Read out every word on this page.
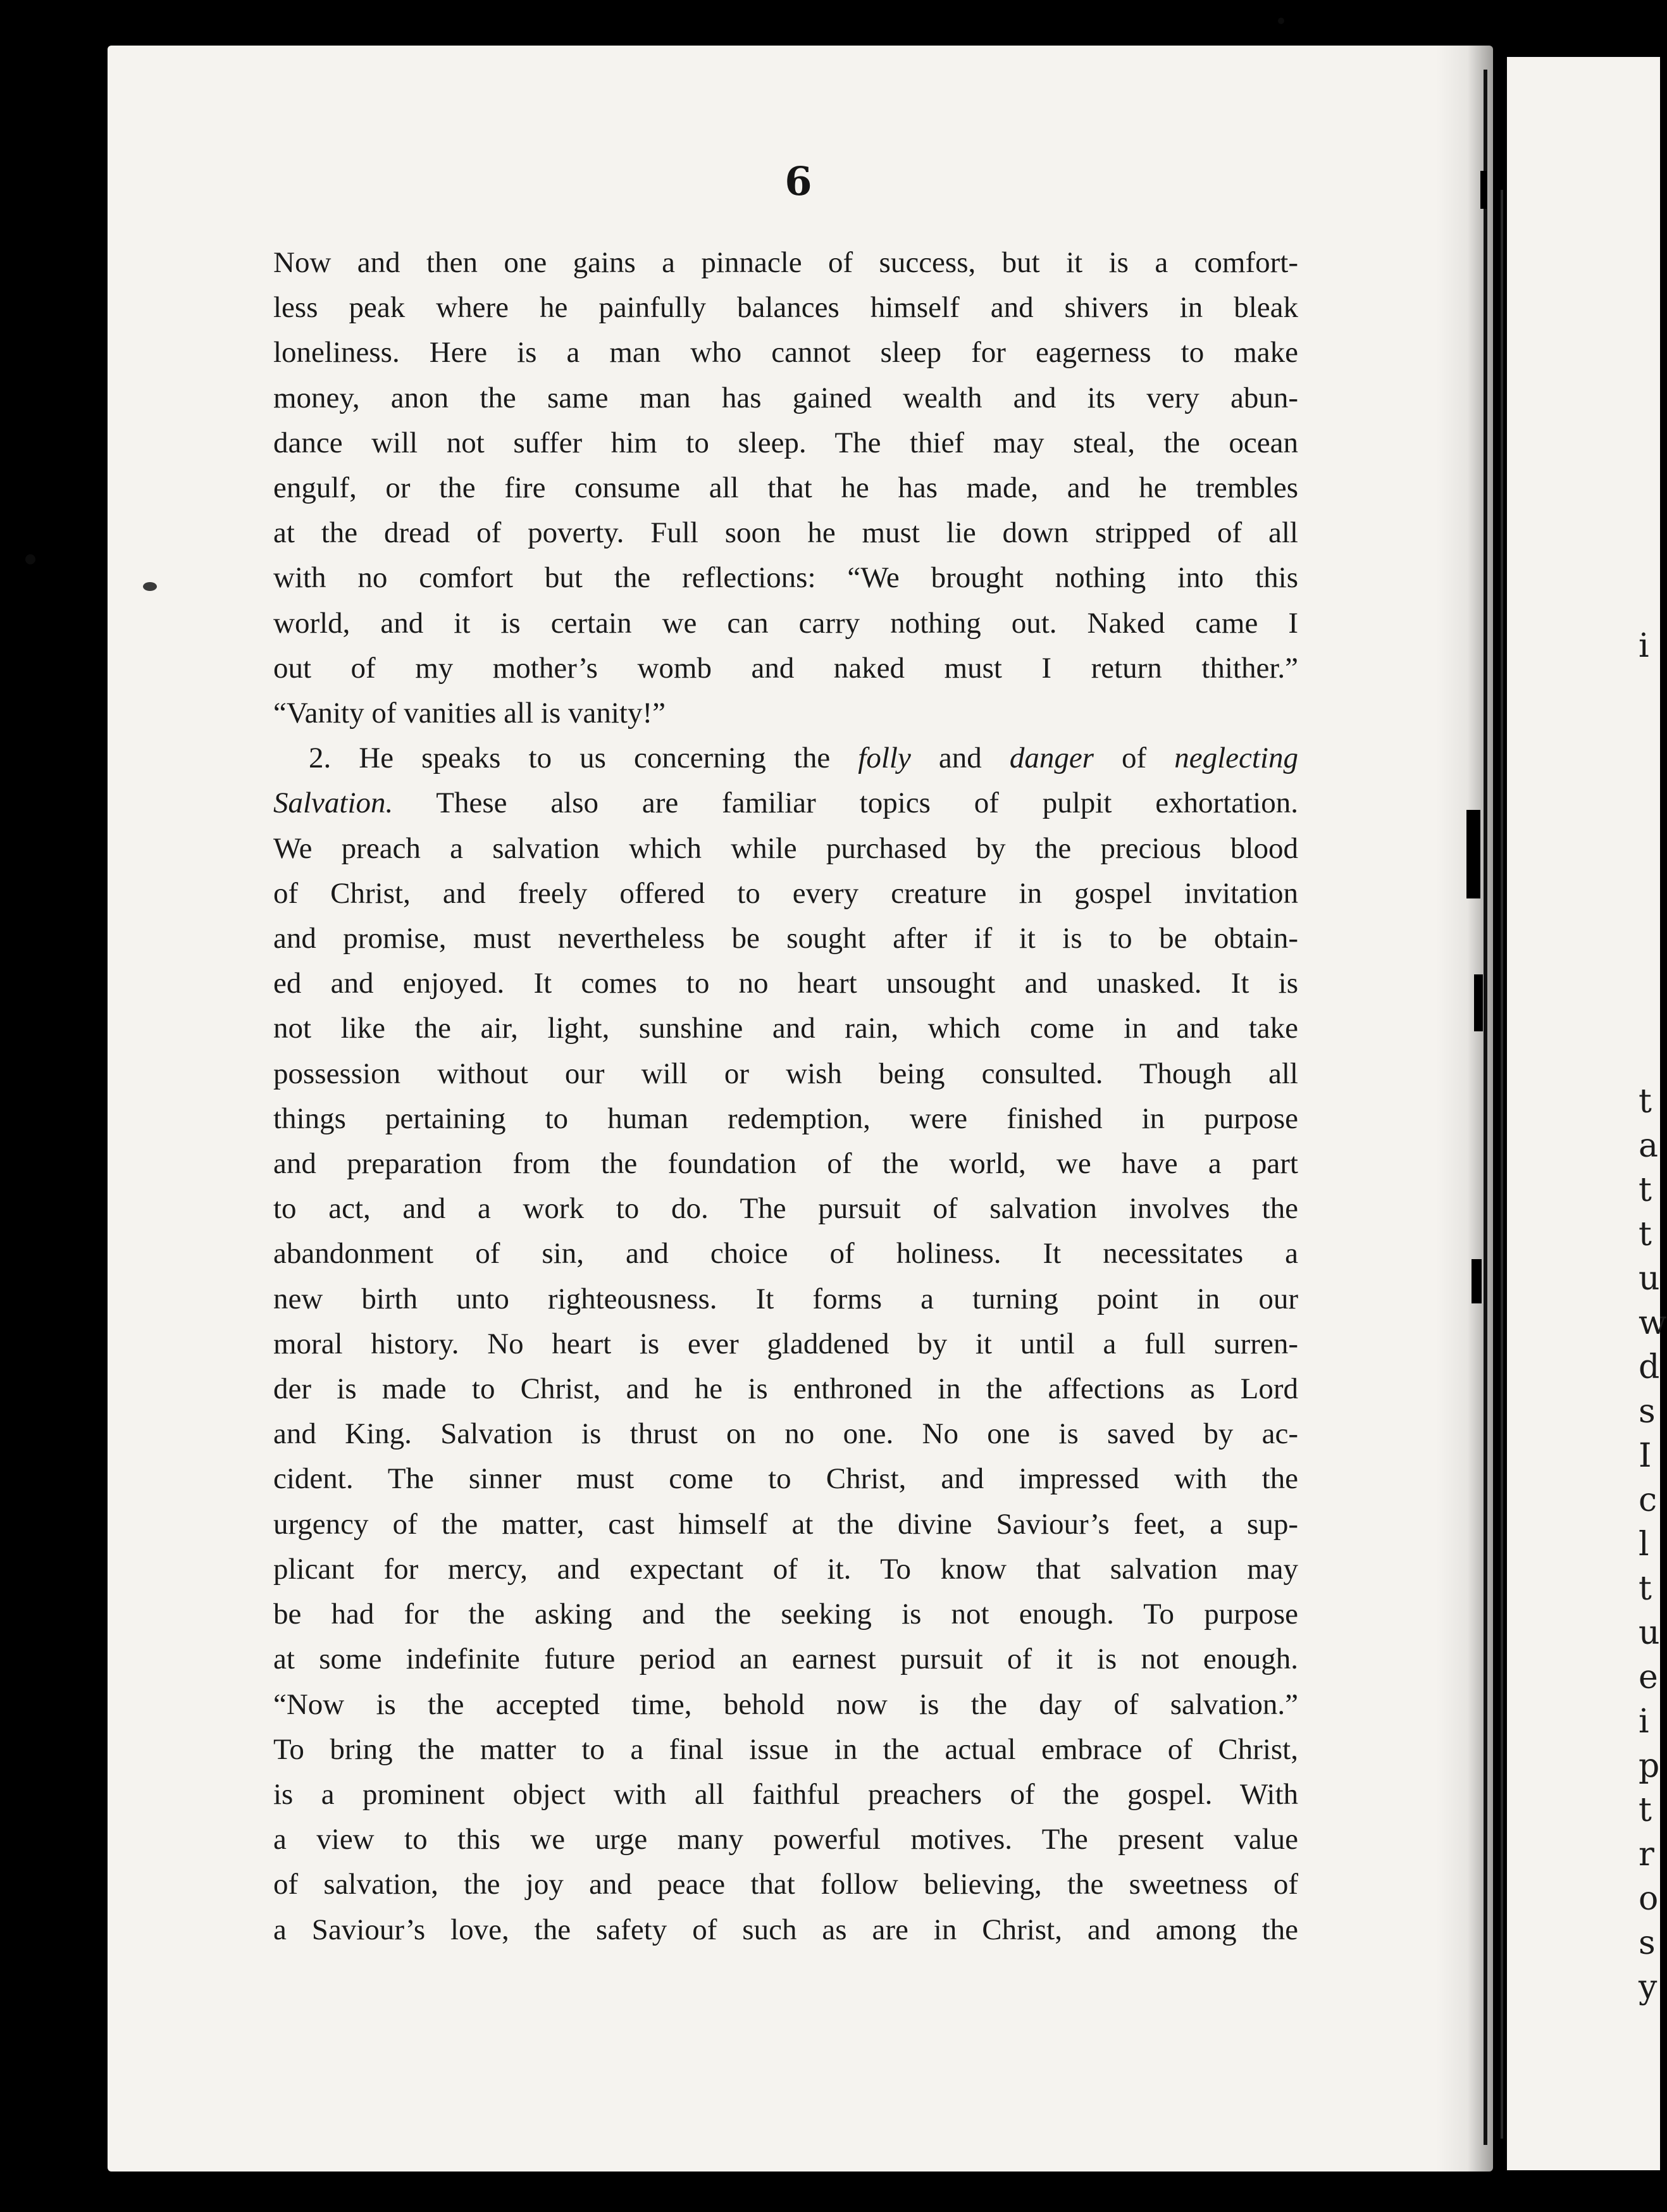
i
t
a
t
t
u
w
d
s
I
c
l
t
u
e
i
p
t
r
o
s
y
6
Now and then one gains a pinnacle of success, but it is a comfort-
less peak where he painfully balances himself and shivers in bleak
loneliness. Here is a man who cannot sleep for eagerness to make
money, anon the same man has gained wealth and its very abun-
dance will not suffer him to sleep. The thief may steal, the ocean
engulf, or the fire consume all that he has made, and he trembles
at the dread of poverty. Full soon he must lie down stripped of all
with no comfort but the reflections: “We brought nothing into this
world, and it is certain we can carry nothing out. Naked came I
out of my mother’s womb and naked must I return thither.”
“Vanity of vanities all is vanity!”
2. He speaks to us concerning the folly and danger of neglecting
Salvation. These also are familiar topics of pulpit exhortation.
We preach a salvation which while purchased by the precious blood
of Christ, and freely offered to every creature in gospel invitation
and promise, must nevertheless be sought after if it is to be obtain-
ed and enjoyed. It comes to no heart unsought and unasked. It is
not like the air, light, sunshine and rain, which come in and take
possession without our will or wish being consulted. Though all
things pertaining to human redemption, were finished in purpose
and preparation from the foundation of the world, we have a part
to act, and a work to do. The pursuit of salvation involves the
abandonment of sin, and choice of holiness. It necessitates a
new birth unto righteousness. It forms a turning point in our
moral history. No heart is ever gladdened by it until a full surren-
der is made to Christ, and he is enthroned in the affections as Lord
and King. Salvation is thrust on no one. No one is saved by ac-
cident. The sinner must come to Christ, and impressed with the
urgency of the matter, cast himself at the divine Saviour’s feet, a sup-
plicant for mercy, and expectant of it. To know that salvation may
be had for the asking and the seeking is not enough. To purpose
at some indefinite future period an earnest pursuit of it is not enough.
“Now is the accepted time, behold now is the day of salvation.”
To bring the matter to a final issue in the actual embrace of Christ,
is a prominent object with all faithful preachers of the gospel. With
a view to this we urge many powerful motives. The present value
of salvation, the joy and peace that follow believing, the sweetness of
a Saviour’s love, the safety of such as are in Christ, and among the
